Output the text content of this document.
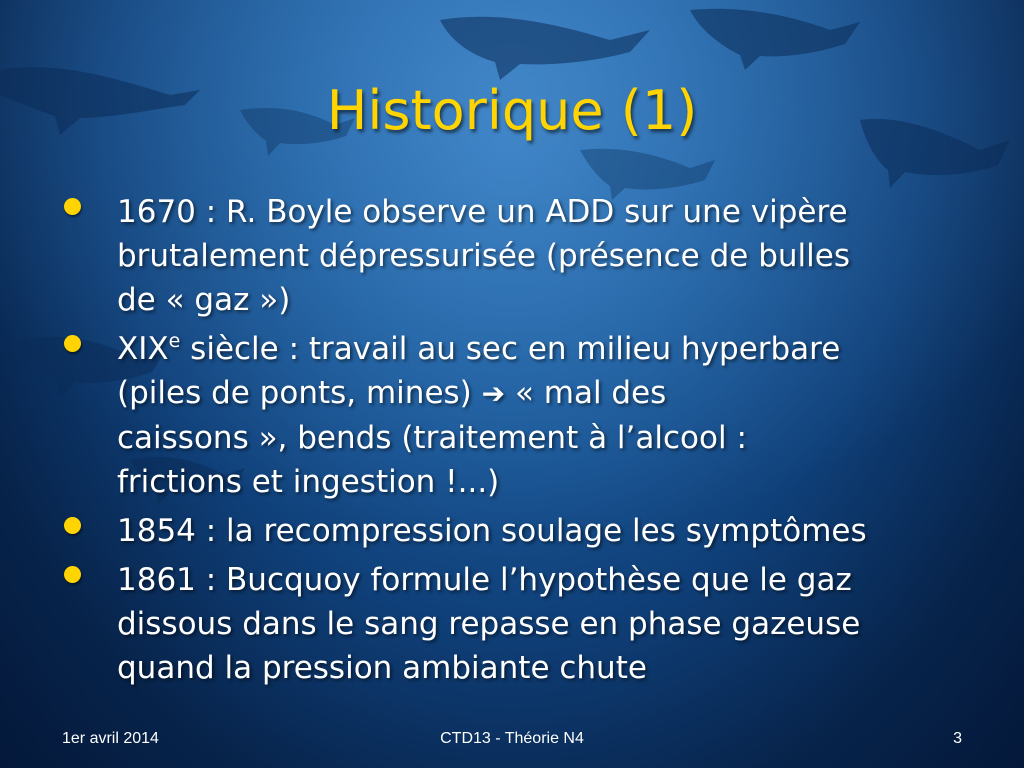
Historique (1)
1670 : R. Boyle observe un ADD sur une vipère
brutalement dépressurisée (présence de bulles
de « gaz »)
XIXe siècle : travail au sec en milieu hyperbare
(piles de ponts, mines) ➔ « mal des
caissons », bends (traitement à l’alcool :
frictions et ingestion !...)
1854 : la recompression soulage les symptômes
1861 : Bucquoy formule l’hypothèse que le gaz
dissous dans le sang repasse en phase gazeuse
quand la pression ambiante chute
1er avril 2014	CTD13 - Théorie N4	3
